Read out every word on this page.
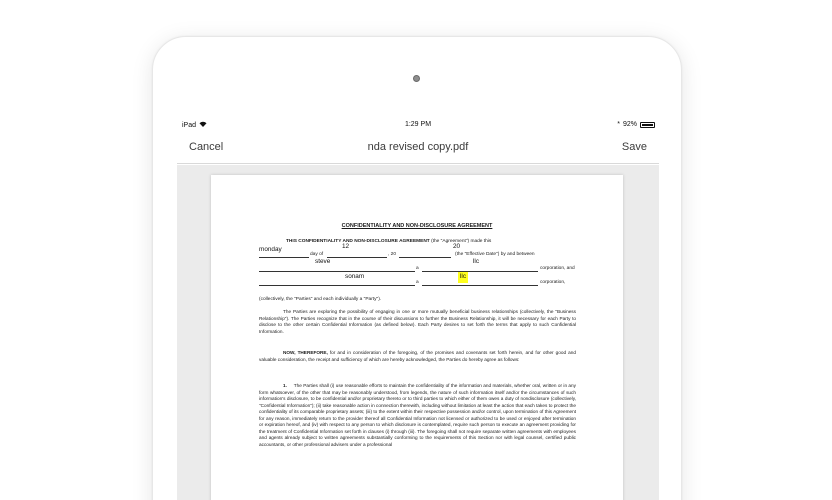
iPad	1:29 PM	* 92%
Cancel	nda revised copy.pdf	Save
CONFIDENTIALITY AND NON-DISCLOSURE AGREEMENT
THIS CONFIDENTIALITY AND NON-DISCLOSURE AGREEMENT (the "Agreement") made this
monday	12	20
day of	, 20	(the "Effective Date") by and between
steve	llc
a	corporation, and
sonam	llc
a	corporation,
(collectively, the "Parties" and each individually a "Party").
The Parties are exploring the possibility of engaging in one or more mutually beneficial business relationships (collectively, the "Business Relationship"). The Parties recognize that in the course of their discussions to further the Business Relationship, it will be necessary for each Party to disclose to the other certain Confidential Information (as defined below). Each Party desires to set forth the terms that apply to such Confidential Information.
NOW, THEREFORE, for and in consideration of the foregoing, of the promises and covenants set forth herein, and for other good and valuable consideration, the receipt and sufficiency of which are hereby acknowledged, the Parties do hereby agree as follows:
1. The Parties shall (i) use reasonable efforts to maintain the confidentiality of the information and materials, whether oral, written or in any form whatsoever, of the other that may be reasonably understood, from legends, the nature of such information itself and/or the circumstances of such information's disclosure, to be confidential and/or proprietary thereto or to third parties to which either of them owes a duty of nondisclosure (collectively, "Confidential Information"); (ii) take reasonable action in connection therewith, including without limitation at least the action that each takes to protect the confidentiality of its comparable proprietary assets; (iii) to the extent within their respective possession and/or control, upon termination of this Agreement for any reason, immediately return to the provider thereof all Confidential Information not licensed or authorized to be used or enjoyed after termination or expiration hereof, and (iv) with respect to any person to which disclosure is contemplated, require such person to execute an agreement providing for the treatment of Confidential Information set forth in clauses (i) through (iii). The foregoing shall not require separate written agreements with employees and agents already subject to written agreements substantially conforming to the requirements of this Section nor with legal counsel, certified public accountants, or other professional advisers under a professional
